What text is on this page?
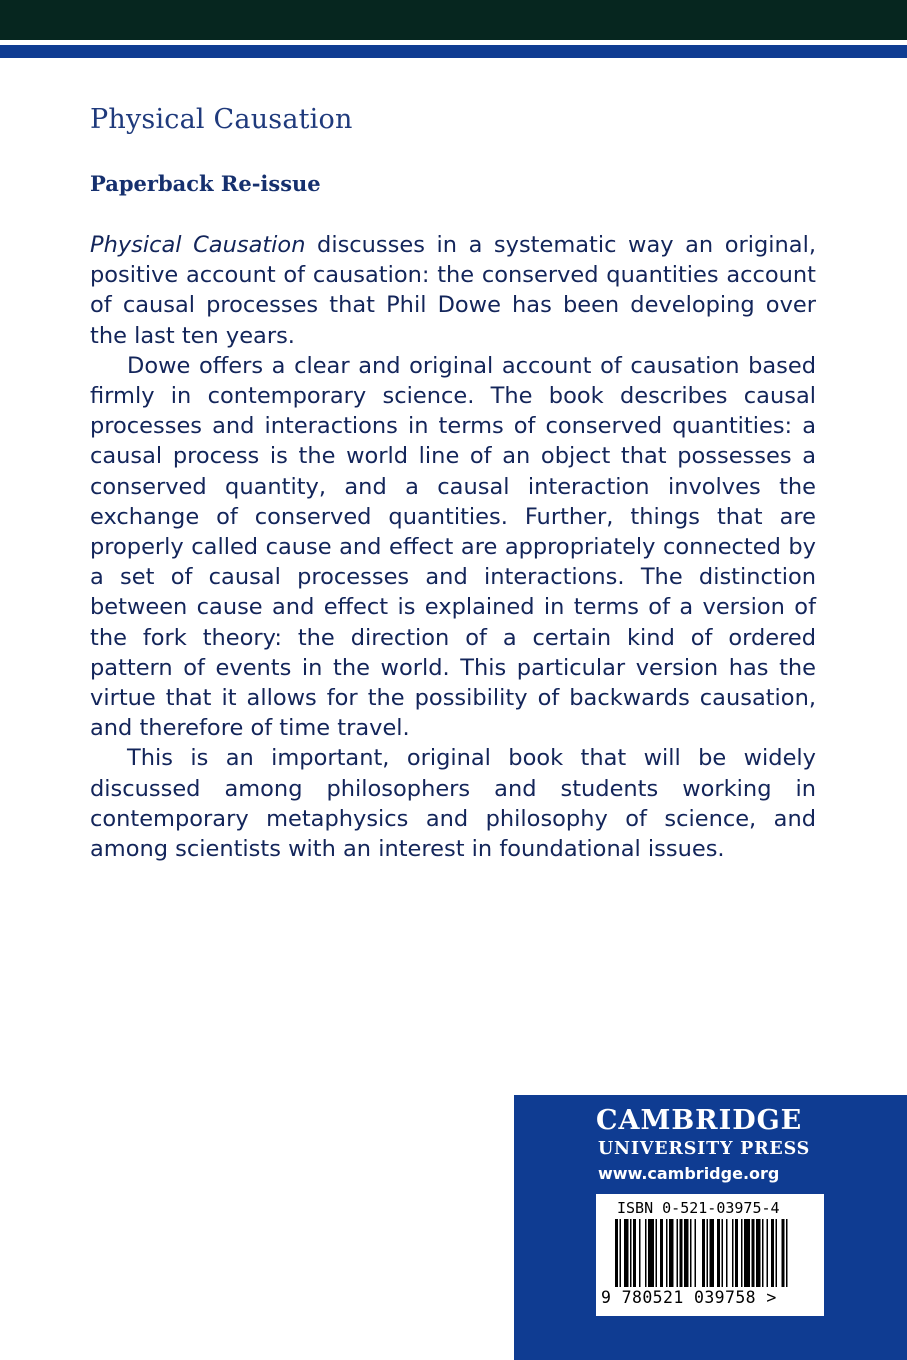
Physical Causation
Paperback Re-issue

Physical Causation discusses in a systematic way an original, positive account of causation: the conserved quantities account of causal processes that Phil Dowe has been developing over the last ten years.

Dowe offers a clear and original account of causation based firmly in contemporary science. The book describes causal processes and interactions in terms of conserved quantities: a causal process is the world line of an object that possesses a conserved quantity, and a causal interaction involves the exchange of conserved quantities. Further, things that are properly called cause and effect are appropriately connected by a set of causal processes and interactions. The distinction between cause and effect is explained in terms of a version of the fork theory: the direction of a certain kind of ordered pattern of events in the world. This particular version has the virtue that it allows for the possibility of backwards causation, and therefore of time travel.

This is an important, original book that will be widely discussed among philosophers and students working in contemporary metaphysics and philosophy of science, and among scientists with an interest in foundational issues.

CAMBRIDGE
UNIVERSITY PRESS
www.cambridge.org
ISBN 0-521-03975-4
9 780521 039758 >
